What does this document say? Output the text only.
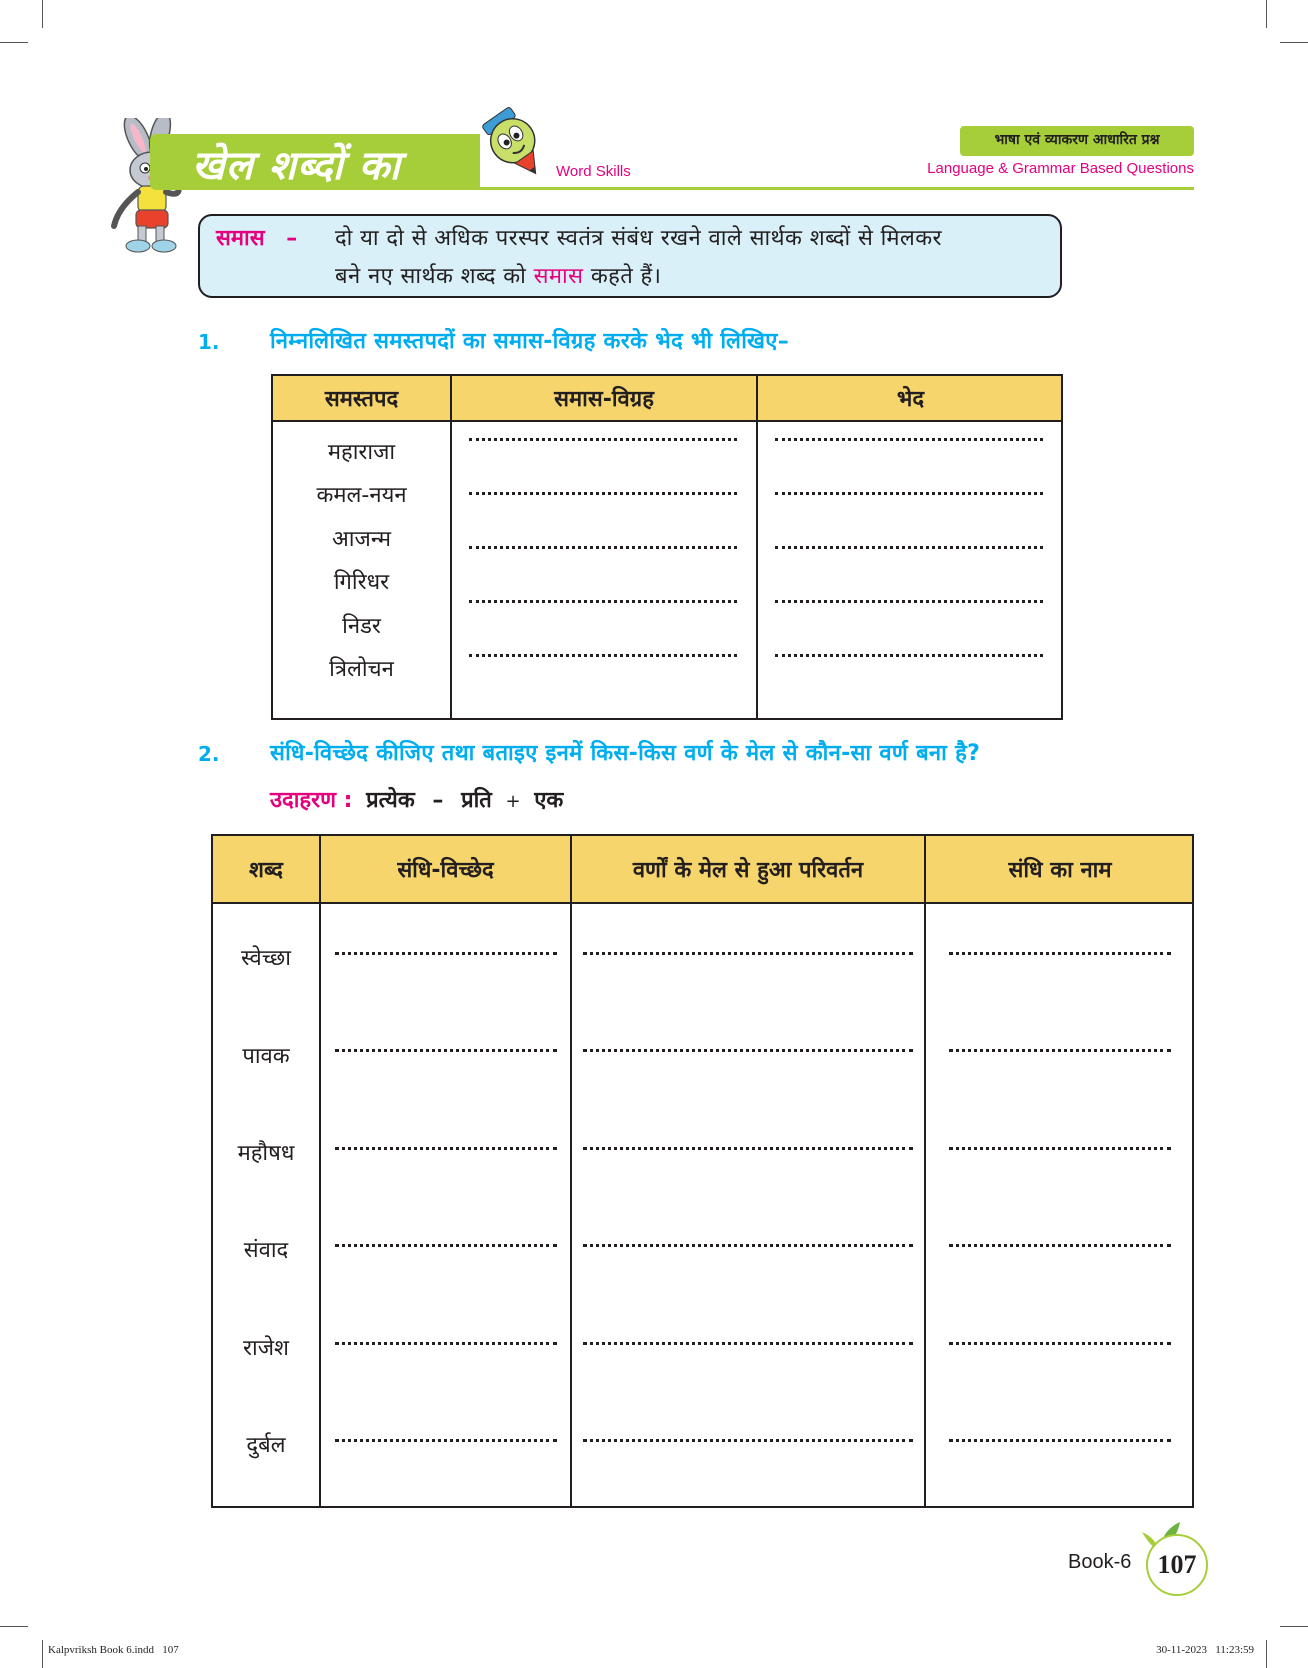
खेल शब्दों का	Word Skills
भाषा एवं व्याकरण आधारित प्रश्न
Language & Grammar Based Questions
समास – दो या दो से अधिक परस्पर स्वतंत्र संबंध रखने वाले सार्थक शब्दों से मिलकर
बने नए सार्थक शब्द को समास कहते हैं।
1. निम्नलिखित समस्तपदों का समास-विग्रह करके भेद भी लिखिए–
समस्तपद	समास-विग्रह	भेद
महाराजा
कमल-नयन
आजन्म
गिरिधर
निडर
त्रिलोचन
2. संधि-विच्छेद कीजिए तथा बताइए इनमें किस-किस वर्ण के मेल से कौन-सा वर्ण बना है?
उदाहरण : प्रत्येक – प्रति + एक
शब्द	संधि-विच्छेद	वर्णों के मेल से हुआ परिवर्तन	संधि का नाम
स्वेच्छा
पावक
महौषध
संवाद
राजेश
दुर्बल
Book-6	107
Kalpvriksh Book 6.indd   107	30-11-2023   11:23:59
